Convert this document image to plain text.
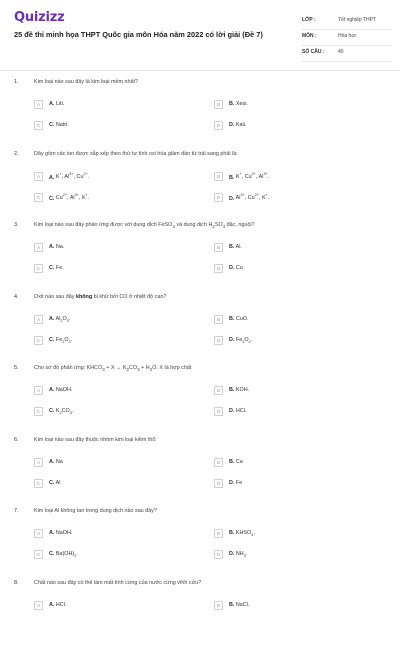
Quizizz
25 đề thi minh họa THPT Quốc gia môn Hóa năm 2022 có lời giải (Đề 7)
LỚP :	Tốt nghiệp THPT
MÔN :	Hóa học
SỐ CÂU :	40
1.	Kim loại nào sau đây là kim loại mềm nhất?
A	A. Liti.	B	B. Xesi.
C	C. Natri.	D	D. Kali.
2.	Dãy gồm các ion được sắp xếp theo thứ tự tính oxi hóa giảm dần từ trái sang phải là:
A	A. K+, $Al^{3+}$, $Cu^{2+}$.	B	B. K+, $Cu^{2+}$, $Al^{3+}$.
C	C. $Cu^{2+}$, $Al^{3+}$, K+.	D	D. $Al^{3+}$, $Cu^{2+}$, K+.
3.	Kim loại nào sau đây phản ứng được với dung dịch FeSO$_4$ và dung dịch $H_2SO_4$ đặc, nguội?
A	A. Na.	B	B. Al.
C	C. Fe.	D	D. Cu
4.	Oxit nào sau đây không bị khử bởi CO ở nhiệt độ cao?
A	A. $Al_2O_3$.	B	B. CuO.
C	C. $Fe_2O_3$.	D	D. $Fe_3O_4$.
5.	Cho sơ đồ phản ứng: $KHCO_3 + X \to K_2CO_3 + H_2O$. X là hợp chất
A	A. NaOH.	B	B. KOH.
C	C. $K_2CO_3$.	D	D. HCl.
6.	Kim loại nào sau đây thuộc nhóm kim loại kiềm thổ:
A	A. Na	B	B. Ca
C	C. Al	D	D. Fe
7.	Kim loại Al không tan trong dung dịch nào sau đây?
A	A. NaOH.	B	B. $KHSO_4$.
C	C. $Ba(OH)_2$.	D	D. $NH_3$.
8.	Chất nào sau đây có thể làm mất tính cứng của nước cứng vĩnh cửu?
A	A. HCl.	B	B. NaCl.
